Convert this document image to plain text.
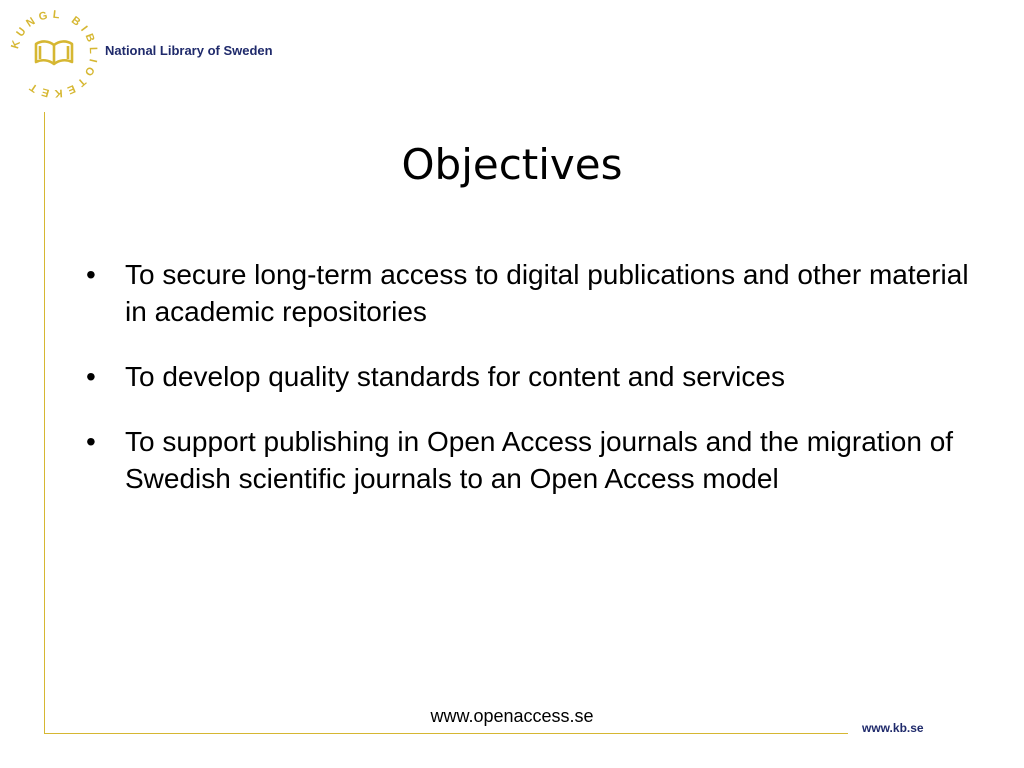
KUNGL BIBLIOTEKET
National Library of Sweden
Objectives
•	To secure long-term access to digital publications and other material in academic repositories
•	To develop quality standards for content and services
•	To support publishing in Open Access journals and the migration of Swedish scientific journals to an Open Access model
www.openaccess.se
www.kb.se
